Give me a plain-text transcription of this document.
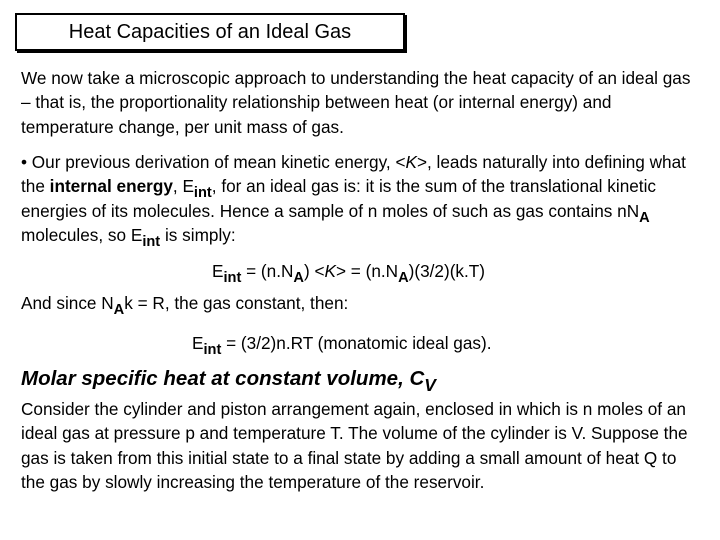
Heat Capacities of an Ideal Gas

We now take a microscopic approach to understanding the heat capacity of an ideal gas – that is, the proportionality relationship between heat (or internal energy) and temperature change, per unit mass of gas.

• Our previous derivation of mean kinetic energy, <K>, leads naturally into defining what the internal energy, $E_{int}$, for an ideal gas is: it is the sum of the translational kinetic energies of its molecules. Hence a sample of n moles of such as gas contains $nN_A$ molecules, so $E_{int}$ is simply:

$E_{int} = (n.N_A) <K> = (n.N_A)(3/2)(k.T)$

And since $N_Ak = R$, the gas constant, then:

$E_{int} = (3/2)n.RT$ (monatomic ideal gas).
Molar specific heat at constant volume, $C_V$

Consider the cylinder and piston arrangement again, enclosed in which is n moles of an ideal gas at pressure p and temperature T. The volume of the cylinder is V. Suppose the gas is taken from this initial state to a final state by adding a small amount of heat Q to the gas by slowly increasing the temperature of the reservoir.
